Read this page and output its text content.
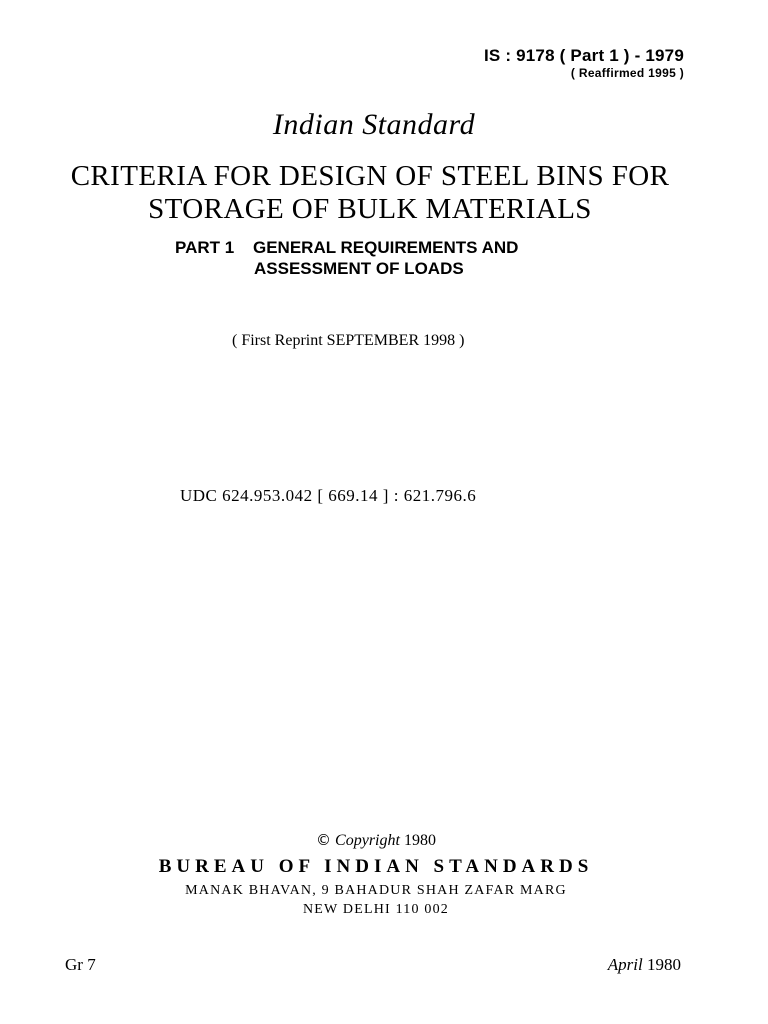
IS : 9178 ( Part 1 ) - 1979
( Reaffirmed 1995 )
Indian Standard
CRITERIA FOR DESIGN OF STEEL BINS FOR
STORAGE OF BULK MATERIALS
PART 1 GENERAL REQUIREMENTS AND
ASSESSMENT OF LOADS
( First Reprint SEPTEMBER 1998 )
UDC 624.953.042 [ 669.14 ] : 621.796.6
© Copyright 1980
BUREAU OF INDIAN STANDARDS
MANAK BHAVAN, 9 BAHADUR SHAH ZAFAR MARG
NEW DELHI 110 002
Gr 7	April 1980
